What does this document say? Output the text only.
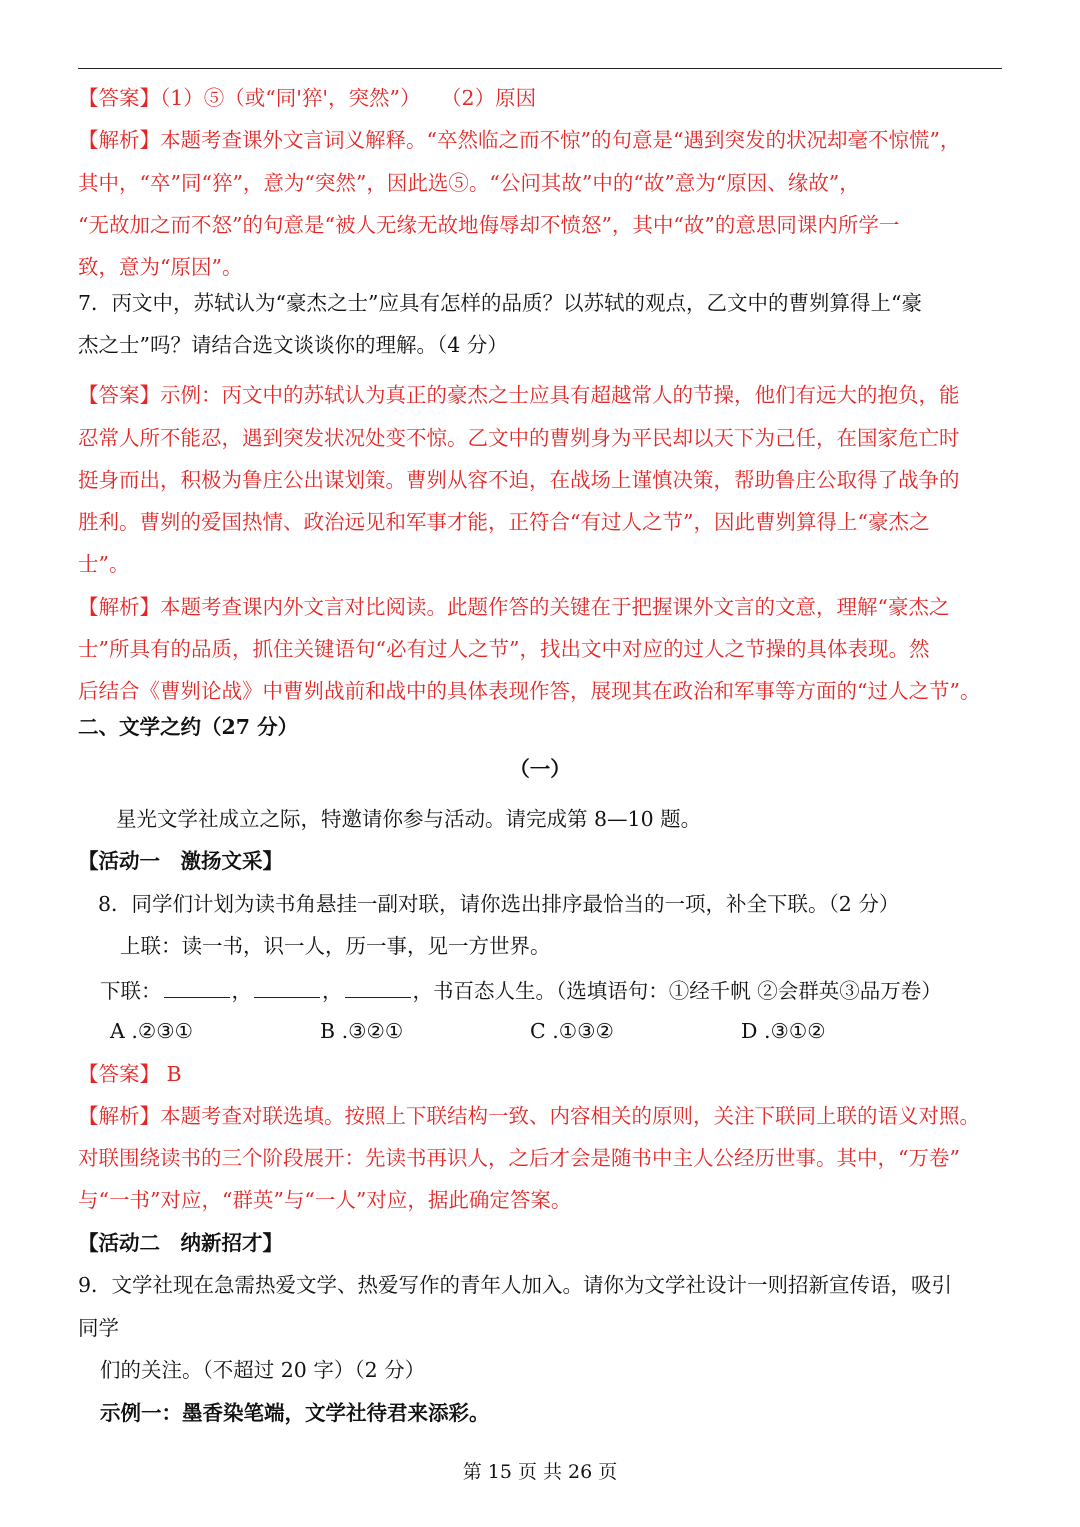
【答案】（1）⑤（或“同'猝'，突然”）　　（2）原因
【解析】本题考查课外文言词义解释。“卒然临之而不惊”的句意是“遇到突发的状况却毫不惊慌”，
其中，“卒”同“猝”，意为“突然”，因此选⑤。“公问其故”中的“故”意为“原因、缘故”，
“无故加之而不怒”的句意是“被人无缘无故地侮辱却不愤怒”，其中“故”的意思同课内所学一
致，意为“原因”。
7．丙文中，苏轼认为“豪杰之士”应具有怎样的品质？以苏轼的观点，乙文中的曹刿算得上“豪
杰之士”吗？请结合选文谈谈你的理解。（4 分）
【答案】示例：丙文中的苏轼认为真正的豪杰之士应具有超越常人的节操，他们有远大的抱负，能
忍常人所不能忍，遇到突发状况处变不惊。乙文中的曹刿身为平民却以天下为己任，在国家危亡时
挺身而出，积极为鲁庄公出谋划策。曹刿从容不迫，在战场上谨慎决策，帮助鲁庄公取得了战争的
胜利。曹刿的爱国热情、政治远见和军事才能，正符合“有过人之节”，因此曹刿算得上“豪杰之
士”。
【解析】本题考查课内外文言对比阅读。此题作答的关键在于把握课外文言的文意，理解“豪杰之
士”所具有的品质，抓住关键语句“必有过人之节”，找出文中对应的过人之节操的具体表现。然
后结合《曹刿论战》中曹刿战前和战中的具体表现作答，展现其在政治和军事等方面的“过人之节”。
二、文学之约（27 分）
（一）
星光文学社成立之际，特邀请你参与活动。请完成第 8—10 题。
【活动一　激扬文采】
8．同学们计划为读书角悬挂一副对联，请你选出排序最恰当的一项，补全下联。（2 分）
上联：读一书，识一人，历一事，见一方世界。
下联：	，	，	，书百态人生。（选填语句：①经千帆 ②会群英③品万卷）
A .②③①	B .③②①	C .①③②	D .③①②
【答案】 B
【解析】本题考查对联选填。按照上下联结构一致、内容相关的原则，关注下联同上联的语义对照。
对联围绕读书的三个阶段展开：先读书再识人，之后才会是随书中主人公经历世事。其中，“万卷”
与“一书”对应，“群英”与“一人”对应，据此确定答案。
【活动二　纳新招才】
9．文学社现在急需热爱文学、热爱写作的青年人加入。请你为文学社设计一则招新宣传语，吸引
同学
们的关注。（不超过 20 字）（2 分）
示例一：墨香染笔端，文学社待君来添彩。
第 15 页 共 26 页
